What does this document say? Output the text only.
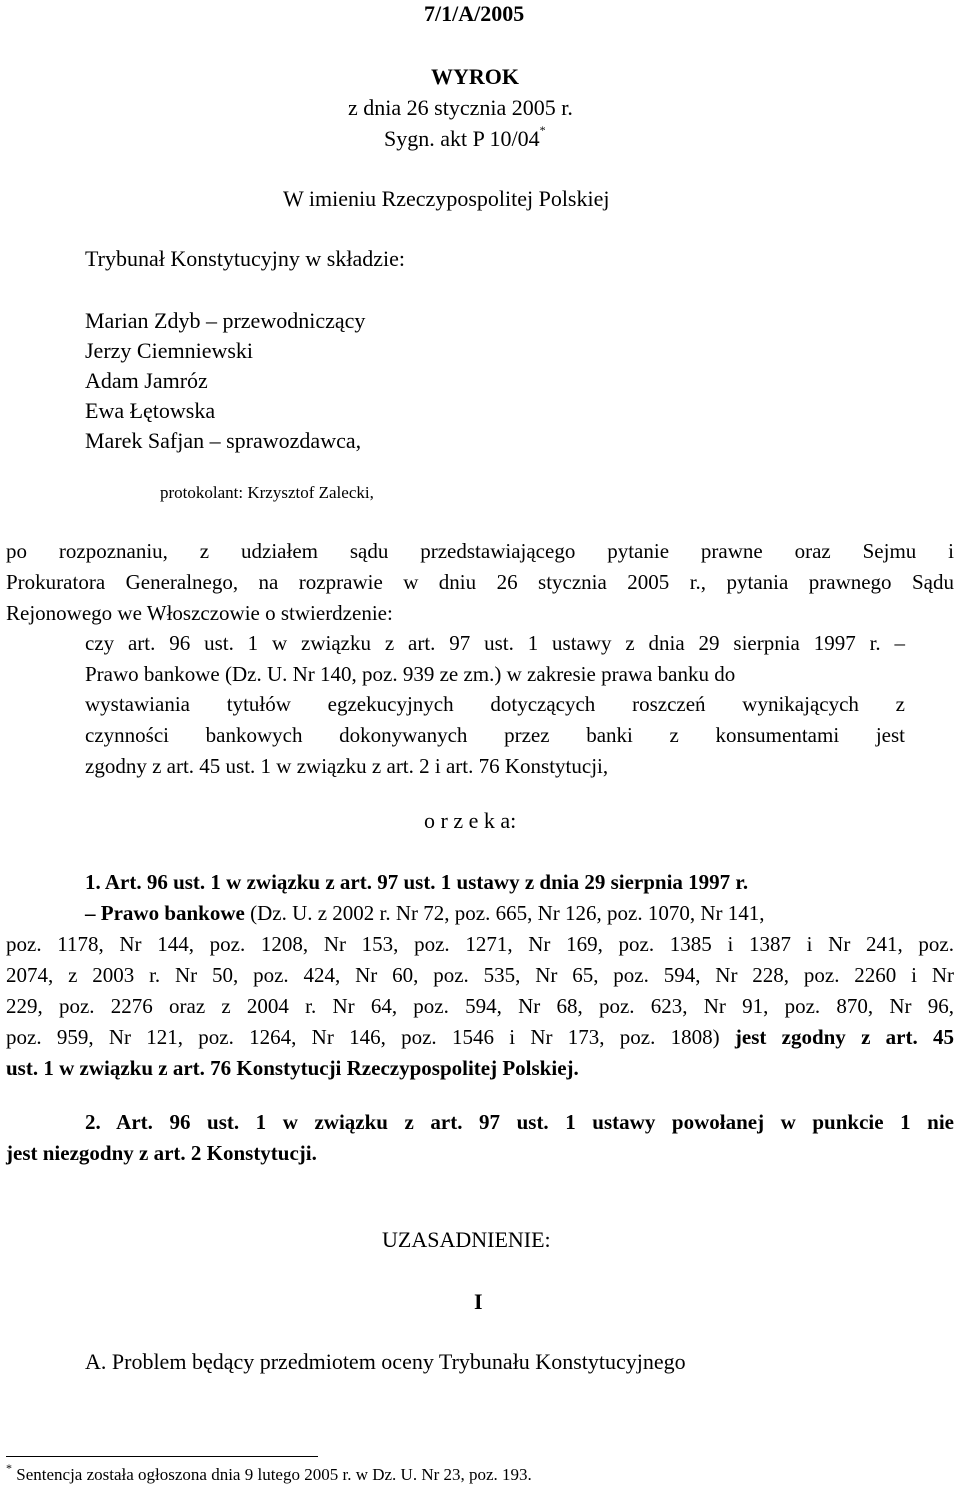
7/1/A/2005
WYROK
z dnia 26 stycznia 2005 r.
Sygn. akt P 10/04*
W imieniu Rzeczypospolitej Polskiej
Trybunał Konstytucyjny w składzie:
Marian Zdyb – przewodniczący
Jerzy Ciemniewski
Adam Jamróz
Ewa Łętowska
Marek Safjan – sprawozdawca,
protokolant: Krzysztof Zalecki,
po rozpoznaniu, z udziałem sądu przedstawiającego pytanie prawne oraz Sejmu i
Prokuratora Generalnego, na rozprawie w dniu 26 stycznia 2005 r., pytania prawnego Sądu
Rejonowego we Włoszczowie o stwierdzenie:
czy art. 96 ust. 1 w związku z art. 97 ust. 1 ustawy z dnia 29 sierpnia 1997 r. –
Prawo bankowe (Dz. U. Nr 140, poz. 939 ze zm.) w zakresie prawa banku do
wystawiania tytułów egzekucyjnych dotyczących roszczeń wynikających z
czynności bankowych dokonywanych przez banki z konsumentami jest
zgodny z art. 45 ust. 1 w związku z art. 2 i art. 76 Konstytucji,
o r z e k a:
1. Art. 96 ust. 1 w związku z art. 97 ust. 1 ustawy z dnia 29 sierpnia 1997 r.
– Prawo bankowe (Dz. U. z 2002 r. Nr 72, poz. 665, Nr 126, poz. 1070, Nr 141,
poz. 1178, Nr 144, poz. 1208, Nr 153, poz. 1271, Nr 169, poz. 1385 i 1387 i Nr 241, poz.
2074, z 2003 r. Nr 50, poz. 424, Nr 60, poz. 535, Nr 65, poz. 594, Nr 228, poz. 2260 i Nr
229, poz. 2276 oraz z 2004 r. Nr 64, poz. 594, Nr 68, poz. 623, Nr 91, poz. 870, Nr 96,
poz. 959, Nr 121, poz. 1264, Nr 146, poz. 1546 i Nr 173, poz. 1808) jest zgodny z art. 45
ust. 1 w związku z art. 76 Konstytucji Rzeczypospolitej Polskiej.
2. Art. 96 ust. 1 w związku z art. 97 ust. 1 ustawy powołanej w punkcie 1 nie
jest niezgodny z art. 2 Konstytucji.
UZASADNIENIE:
I
A. Problem będący przedmiotem oceny Trybunału Konstytucyjnego
* Sentencja została ogłoszona dnia 9 lutego 2005 r. w Dz. U. Nr 23, poz. 193.
